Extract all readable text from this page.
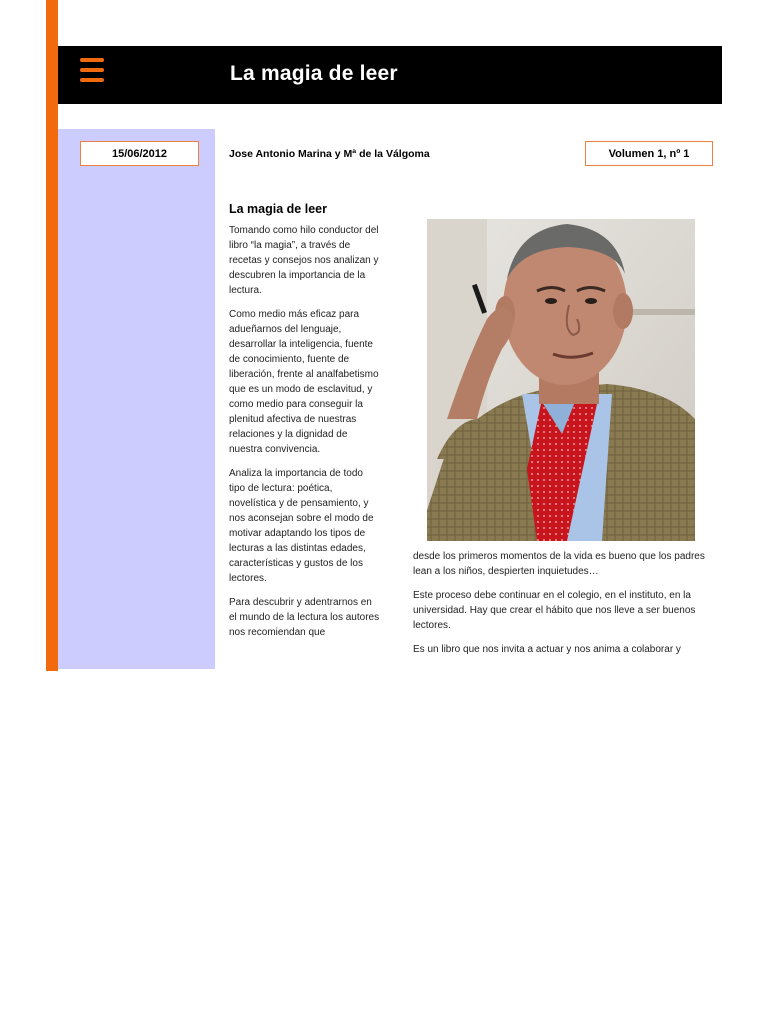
La magia de leer
15/06/2012	Jose Antonio Marina y Mª de la Válgoma	Volumen 1, nº 1
La magia de leer

Tomando como hilo conductor del libro “la magia”, a través de recetas y consejos nos analizan y descubren la importancia de la lectura.

Como medio más eficaz para adueñarnos del lenguaje, desarrollar la inteligencia, fuente de conocimiento, fuente de liberación, frente al analfabetismo que es un modo de esclavitud, y como medio para conseguir la plenitud afectiva de nuestras relaciones y la dignidad de nuestra convivencia.

Analiza la importancia de todo tipo de lectura: poética, novelística y de pensamiento, y nos aconsejan sobre el modo de motivar adaptando los tipos de lecturas a las distintas edades, características y gustos de los lectores.

Para descubrir y adentrarnos en el mundo de la lectura los autores nos recomiendan que

desde los primeros momentos de la vida es bueno que los padres lean a los niños, despierten inquietudes…

Este proceso debe continuar en el colegio, en el instituto, en la universidad. Hay que crear el hábito que nos lleve a ser buenos lectores.

Es un libro que nos invita a actuar y nos anima a colaborar y
